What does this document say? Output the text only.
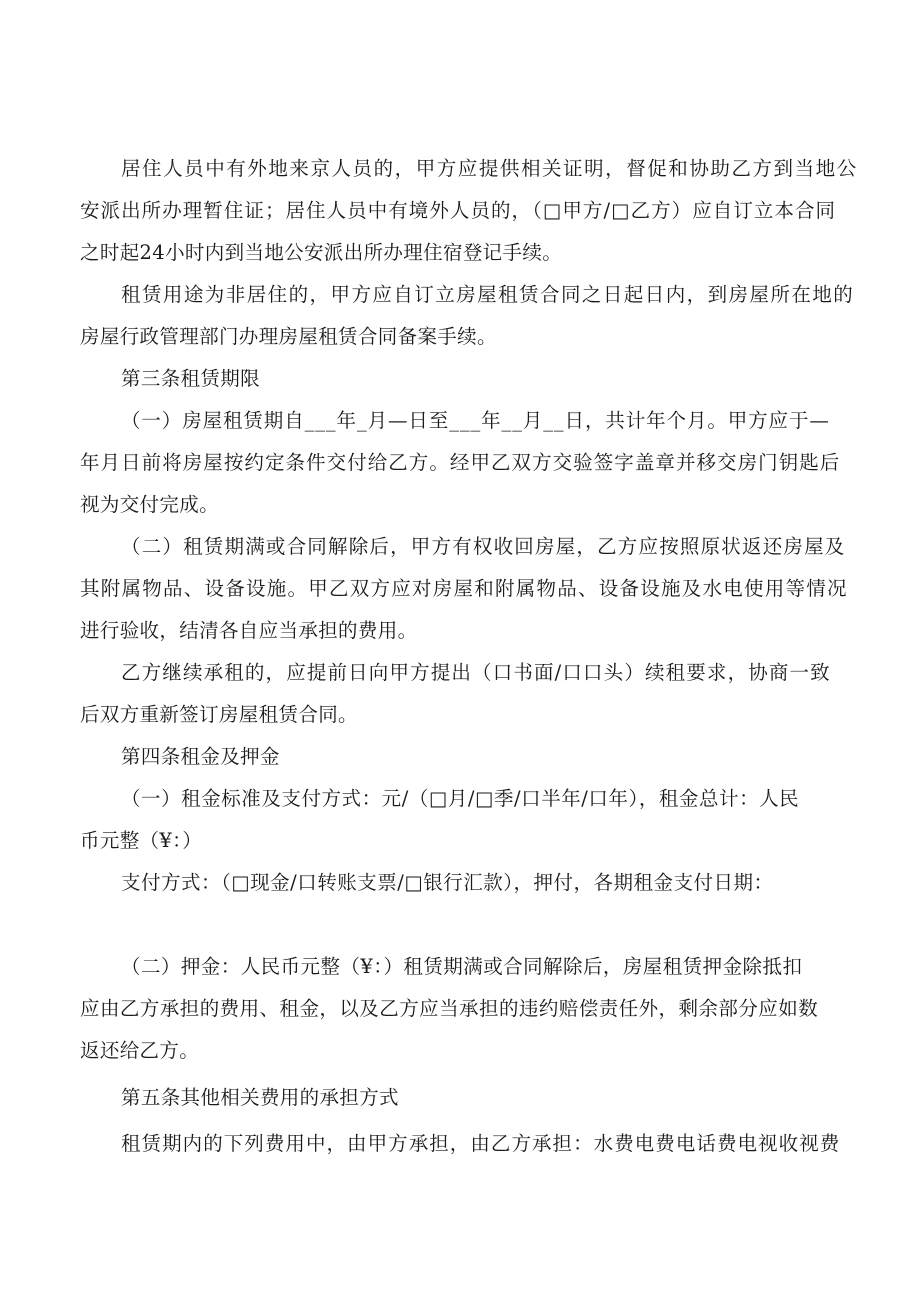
居住人员中有外地来京人员的，甲方应提供相关证明，督促和协助乙方到当地公
安派出所办理暂住证；居住人员中有境外人员的，（□甲方/□乙方）应自订立本合同
之时起24小时内到当地公安派出所办理住宿登记手续。
租赁用途为非居住的，甲方应自订立房屋租赁合同之日起日内，到房屋所在地的
房屋行政管理部门办理房屋租赁合同备案手续。
第三条租赁期限
（一）房屋租赁期自___年_月—日至___年__月__日，共计年个月。甲方应于—
年月日前将房屋按约定条件交付给乙方。经甲乙双方交验签字盖章并移交房门钥匙后
视为交付完成。
（二）租赁期满或合同解除后，甲方有权收回房屋，乙方应按照原状返还房屋及
其附属物品、设备设施。甲乙双方应对房屋和附属物品、设备设施及水电使用等情况
进行验收，结清各自应当承担的费用。
乙方继续承租的，应提前日向甲方提出（口书面/口口头）续租要求，协商一致
后双方重新签订房屋租赁合同。
第四条租金及押金
（一）租金标准及支付方式：元/（□月/□季/口半年/口年），租金总计：人民
币元整（¥：）
支付方式：（□现金/口转账支票/□银行汇款），押付，各期租金支付日期：
（二）押金：人民币元整（¥：）租赁期满或合同解除后，房屋租赁押金除抵扣
应由乙方承担的费用、租金，以及乙方应当承担的违约赔偿责任外，剩余部分应如数
返还给乙方。
第五条其他相关费用的承担方式
租赁期内的下列费用中，由甲方承担，由乙方承担：水费电费电话费电视收视费
